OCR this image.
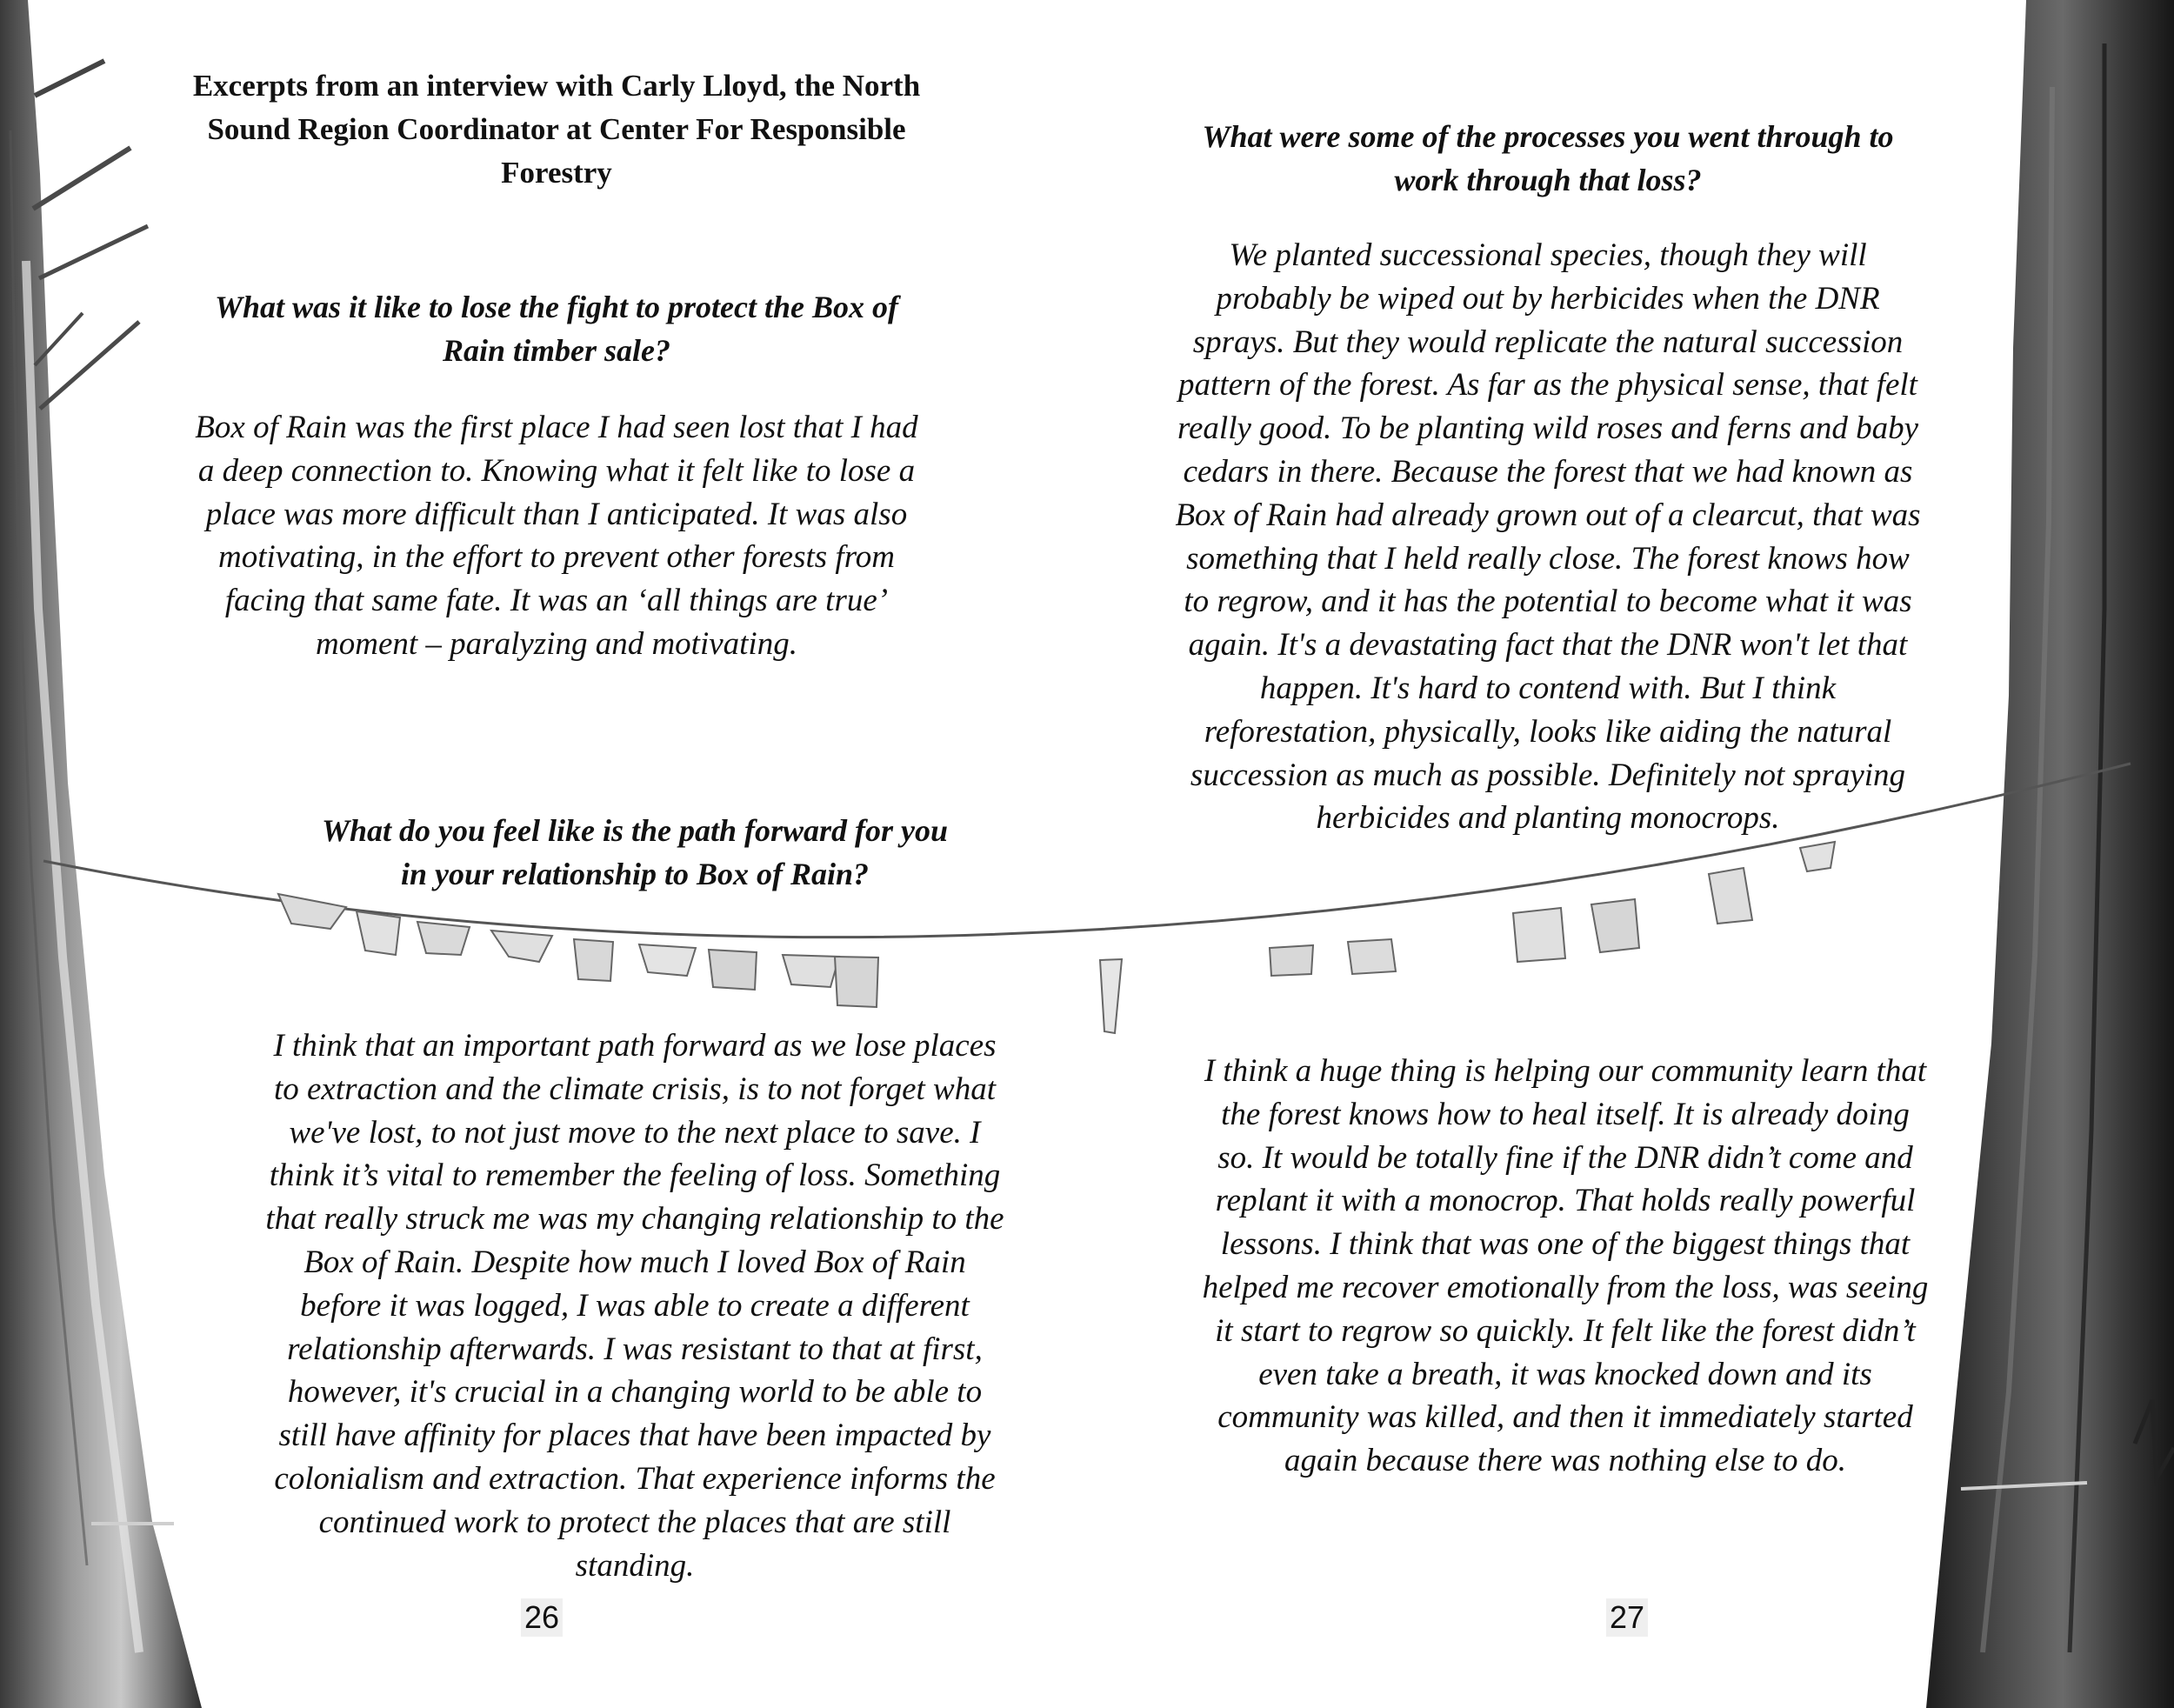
Excerpts from an interview with Carly Lloyd, the North
Sound Region Coordinator at Center For Responsible
Forestry
What was it like to lose the fight to protect the Box of
Rain timber sale?
Box of Rain was the first place I had seen lost that I had
a deep connection to. Knowing what it felt like to lose a
place was more difficult than I anticipated. It was also
motivating, in the effort to prevent other forests from
facing that same fate. It was an ‘all things are true’
moment – paralyzing and motivating.
What do you feel like is the path forward for you
in your relationship to Box of Rain?
I think that an important path forward as we lose places
to extraction and the climate crisis, is to not forget what
we've lost, to not just move to the next place to save. I
think it’s vital to remember the feeling of loss. Something
that really struck me was my changing relationship to the
Box of Rain. Despite how much I loved Box of Rain
before it was logged, I was able to create a different
relationship afterwards. I was resistant to that at first,
however, it's crucial in a changing world to be able to
still have affinity for places that have been impacted by
colonialism and extraction. That experience informs the
continued work to protect the places that are still
standing.
26
What were some of the processes you went through to
work through that loss?
We planted successional species, though they will
probably be wiped out by herbicides when the DNR
sprays. But they would replicate the natural succession
pattern of the forest. As far as the physical sense, that felt
really good. To be planting wild roses and ferns and baby
cedars in there. Because the forest that we had known as
Box of Rain had already grown out of a clearcut, that was
something that I held really close. The forest knows how
to regrow, and it has the potential to become what it was
again. It's a devastating fact that the DNR won't let that
happen. It's hard to contend with. But I think
reforestation, physically, looks like aiding the natural
succession as much as possible. Definitely not spraying
herbicides and planting monocrops.
I think a huge thing is helping our community learn that
the forest knows how to heal itself. It is already doing
so. It would be totally fine if the DNR didn’t come and
replant it with a monocrop. That holds really powerful
lessons. I think that was one of the biggest things that
helped me recover emotionally from the loss, was seeing
it start to regrow so quickly. It felt like the forest didn’t
even take a breath, it was knocked down and its
community was killed, and then it immediately started
again because there was nothing else to do.
27
